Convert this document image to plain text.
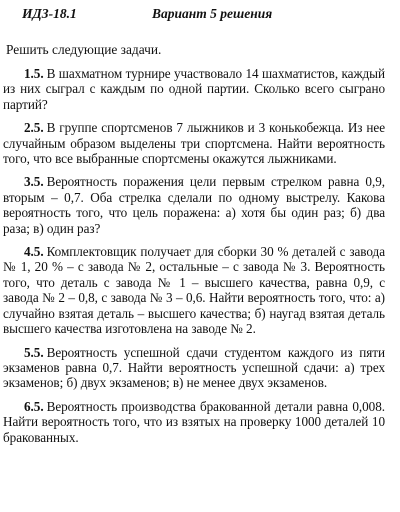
ИДЗ-18.1	Вариант 5 решения
Решить следующие задачи.

1.5. В шахматном турнире участвовало 14 шахматистов, каждый из них сыграл с каждым по одной партии. Сколько всего сыграно партий?

2.5. В группе спортсменов 7 лыжников и 3 конькобежца. Из нее случайным образом выделены три спортсмена. Найти вероятность того, что все выбранные спортсмены окажутся лыжниками.

3.5. Вероятность поражения цели первым стрелком равна 0,9, вторым – 0,7. Оба стрелка сделали по одному выстрелу. Какова вероятность того, что цель поражена: а) хотя бы один раз; б) два раза; в) один раз?

4.5. Комплектовщик получает для сборки 30 % деталей с завода № 1, 20 % – с завода № 2, остальные – с завода № 3. Вероятность того, что деталь с завода № 1 – высшего качества, равна 0,9, с завода № 2 – 0,8, с завода № 3 – 0,6. Найти вероятность того, что: а) случайно взятая деталь – высшего качества; б) наугад взятая деталь высшего качества изготовлена на заводе № 2.

5.5. Вероятность успешной сдачи студентом каждого из пяти экзаменов равна 0,7. Найти вероятность успешной сдачи: а) трех экзаменов; б) двух экзаменов; в) не менее двух экзаменов.

6.5. Вероятность производства бракованной детали равна 0,008. Найти вероятность того, что из взятых на проверку 1000 деталей 10 бракованных.
